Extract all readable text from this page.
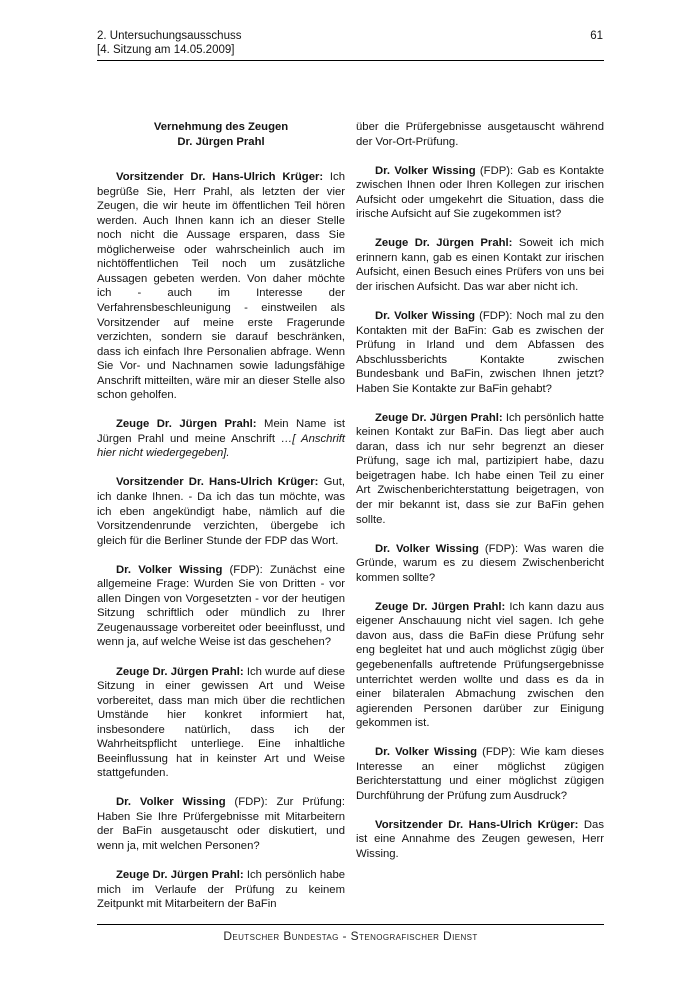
2. Untersuchungsausschuss
[4. Sitzung am 14.05.2009]
61
Vernehmung des Zeugen
Dr. Jürgen Prahl

Vorsitzender Dr. Hans-Ulrich Krüger: Ich begrüße Sie, Herr Prahl, als letzten der vier Zeugen, die wir heute im öffentlichen Teil hören werden. Auch Ihnen kann ich an dieser Stelle noch nicht die Aussage ersparen, dass Sie möglicherweise oder wahrscheinlich auch im nichtöffentlichen Teil noch um zusätzliche Aussagen gebeten werden. Von daher möchte ich - auch im Interesse der Verfahrensbeschleunigung - einstweilen als Vorsitzender auf meine erste Fragerunde verzichten, sondern sie darauf beschränken, dass ich einfach Ihre Personalien abfrage. Wenn Sie Vor- und Nachnamen sowie ladungsfähige Anschrift mitteilten, wäre mir an dieser Stelle also schon geholfen.

Zeuge Dr. Jürgen Prahl: Mein Name ist Jürgen Prahl und meine Anschrift …[ Anschrift hier nicht wiedergegeben].

Vorsitzender Dr. Hans-Ulrich Krüger: Gut, ich danke Ihnen. - Da ich das tun möchte, was ich eben angekündigt habe, nämlich auf die Vorsitzendenrunde verzichten, übergebe ich gleich für die Berliner Stunde der FDP das Wort.

Dr. Volker Wissing (FDP): Zunächst eine allgemeine Frage: Wurden Sie von Dritten - vor allen Dingen von Vorgesetzten - vor der heutigen Sitzung schriftlich oder mündlich zu Ihrer Zeugenaussage vorbereitet oder beeinflusst, und wenn ja, auf welche Weise ist das geschehen?

Zeuge Dr. Jürgen Prahl: Ich wurde auf diese Sitzung in einer gewissen Art und Weise vorbereitet, dass man mich über die rechtlichen Umstände hier konkret informiert hat, insbesondere natürlich, dass ich der Wahrheitspflicht unterliege. Eine inhaltliche Beeinflussung hat in keinster Art und Weise stattgefunden.

Dr. Volker Wissing (FDP): Zur Prüfung: Haben Sie Ihre Prüfergebnisse mit Mitarbeitern der BaFin ausgetauscht oder diskutiert, und wenn ja, mit welchen Personen?

Zeuge Dr. Jürgen Prahl: Ich persönlich habe mich im Verlaufe der Prüfung zu keinem Zeitpunkt mit Mitarbeitern der BaFin

über die Prüfergebnisse ausgetauscht während der Vor-Ort-Prüfung.

Dr. Volker Wissing (FDP): Gab es Kontakte zwischen Ihnen oder Ihren Kollegen zur irischen Aufsicht oder umgekehrt die Situation, dass die irische Aufsicht auf Sie zugekommen ist?

Zeuge Dr. Jürgen Prahl: Soweit ich mich erinnern kann, gab es einen Kontakt zur irischen Aufsicht, einen Besuch eines Prüfers von uns bei der irischen Aufsicht. Das war aber nicht ich.

Dr. Volker Wissing (FDP): Noch mal zu den Kontakten mit der BaFin: Gab es zwischen der Prüfung in Irland und dem Abfassen des Abschlussberichts Kontakte zwischen Bundesbank und BaFin, zwischen Ihnen jetzt? Haben Sie Kontakte zur BaFin gehabt?

Zeuge Dr. Jürgen Prahl: Ich persönlich hatte keinen Kontakt zur BaFin. Das liegt aber auch daran, dass ich nur sehr begrenzt an dieser Prüfung, sage ich mal, partizipiert habe, dazu beigetragen habe. Ich habe einen Teil zu einer Art Zwischenberichterstattung beigetragen, von der mir bekannt ist, dass sie zur BaFin gehen sollte.

Dr. Volker Wissing (FDP): Was waren die Gründe, warum es zu diesem Zwischenbericht kommen sollte?

Zeuge Dr. Jürgen Prahl: Ich kann dazu aus eigener Anschauung nicht viel sagen. Ich gehe davon aus, dass die BaFin diese Prüfung sehr eng begleitet hat und auch möglichst zügig über gegebenenfalls auftretende Prüfungsergebnisse unterrichtet werden wollte und dass es da in einer bilateralen Abmachung zwischen den agierenden Personen darüber zur Einigung gekommen ist.

Dr. Volker Wissing (FDP): Wie kam dieses Interesse an einer möglichst zügigen Berichterstattung und einer möglichst zügigen Durchführung der Prüfung zum Ausdruck?

Vorsitzender Dr. Hans-Ulrich Krüger: Das ist eine Annahme des Zeugen gewesen, Herr Wissing.

Deutscher Bundestag - Stenografischer Dienst
